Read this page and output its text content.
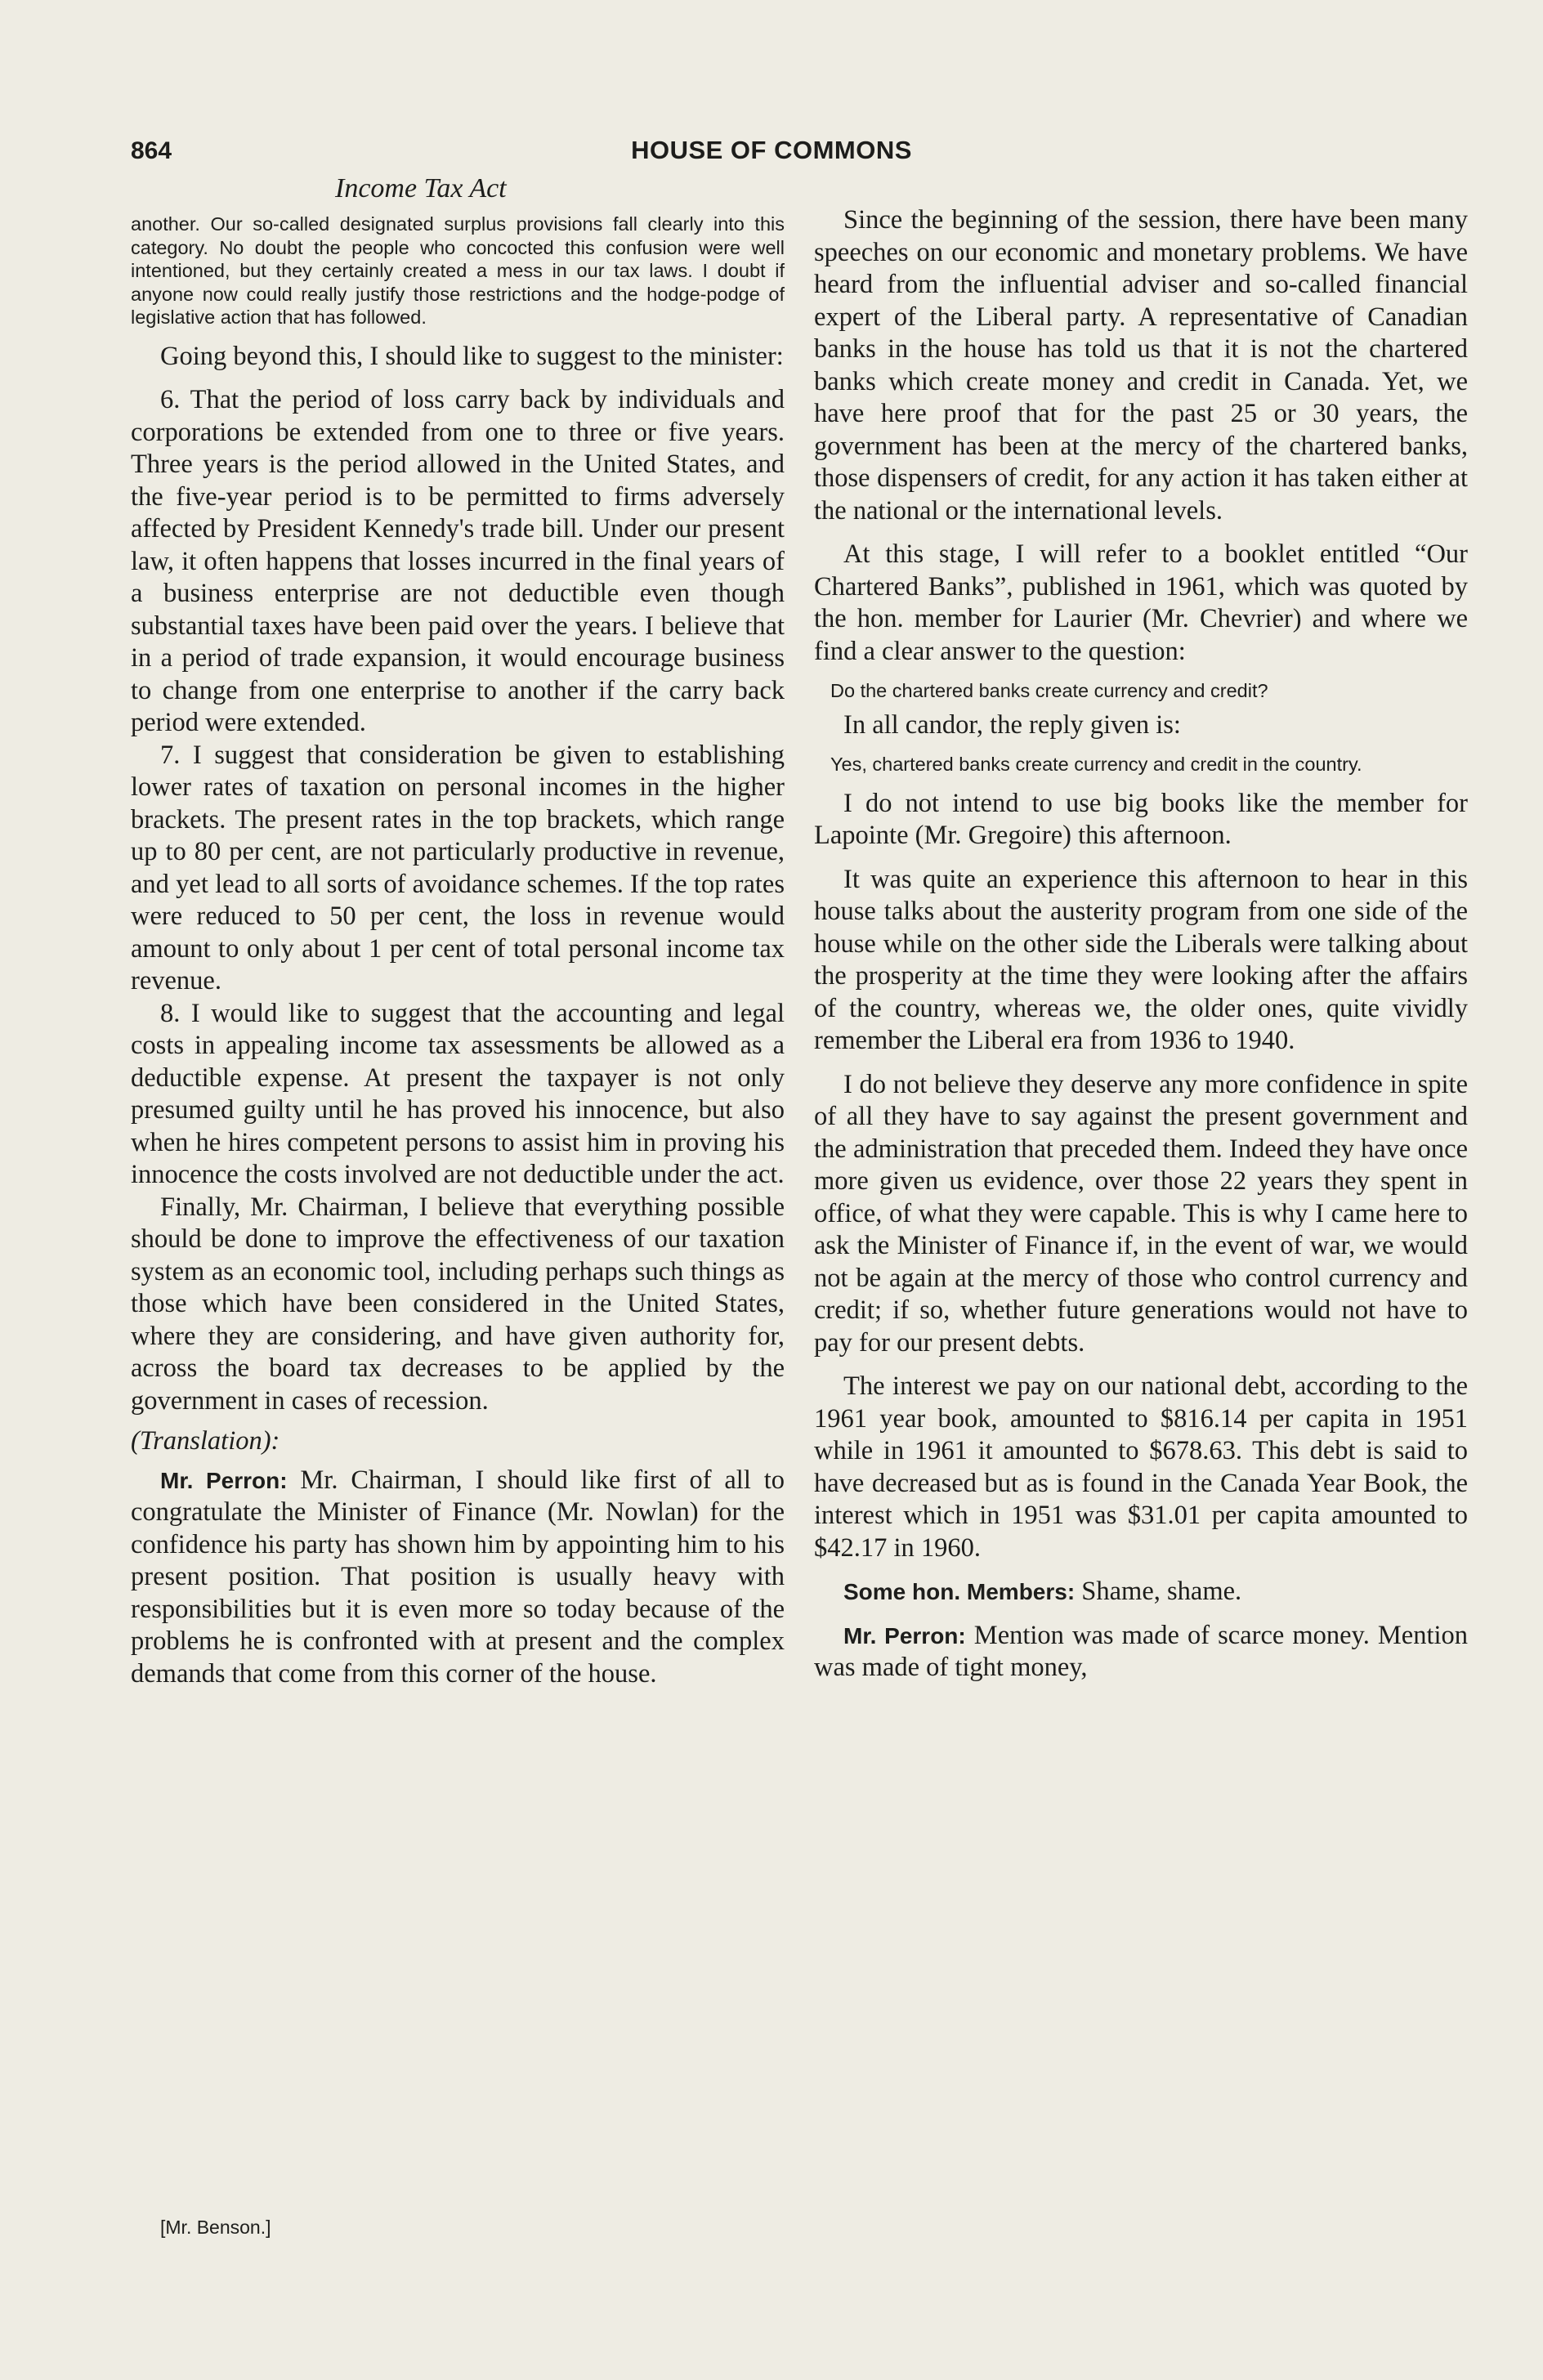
864	HOUSE OF COMMONS
Income Tax Act

another. Our so-called designated surplus provisions fall clearly into this category. No doubt the people who concocted this confusion were well intentioned, but they certainly created a mess in our tax laws. I doubt if anyone now could really justify those restrictions and the hodge-podge of legislative action that has followed.

Going beyond this, I should like to suggest to the minister:

6. That the period of loss carry back by individuals and corporations be extended from one to three or five years. Three years is the period allowed in the United States, and the five-year period is to be permitted to firms adversely affected by President Kennedy's trade bill. Under our present law, it often happens that losses incurred in the final years of a business enterprise are not deductible even though substantial taxes have been paid over the years. I believe that in a period of trade expansion, it would encourage business to change from one enterprise to another if the carry back period were extended.

7. I suggest that consideration be given to establishing lower rates of taxation on personal incomes in the higher brackets. The present rates in the top brackets, which range up to 80 per cent, are not particularly productive in revenue, and yet lead to all sorts of avoidance schemes. If the top rates were reduced to 50 per cent, the loss in revenue would amount to only about 1 per cent of total personal income tax revenue.

8. I would like to suggest that the accounting and legal costs in appealing income tax assessments be allowed as a deductible expense. At present the taxpayer is not only presumed guilty until he has proved his innocence, but also when he hires competent persons to assist him in proving his innocence the costs involved are not deductible under the act.

Finally, Mr. Chairman, I believe that everything possible should be done to improve the effectiveness of our taxation system as an economic tool, including perhaps such things as those which have been considered in the United States, where they are considering, and have given authority for, across the board tax decreases to be applied by the government in cases of recession.

(Translation):

Mr. Perron: Mr. Chairman, I should like first of all to congratulate the Minister of Finance (Mr. Nowlan) for the confidence his party has shown him by appointing him to his present position. That position is usually heavy with responsibilities but it is even more so today because of the problems he is confronted with at present and the complex demands that come from this corner of the house.

Since the beginning of the session, there have been many speeches on our economic and monetary problems. We have heard from the influential adviser and so-called financial expert of the Liberal party. A representative of Canadian banks in the house has told us that it is not the chartered banks which create money and credit in Canada. Yet, we have here proof that for the past 25 or 30 years, the government has been at the mercy of the chartered banks, those dispensers of credit, for any action it has taken either at the national or the international levels.

At this stage, I will refer to a booklet entitled “Our Chartered Banks”, published in 1961, which was quoted by the hon. member for Laurier (Mr. Chevrier) and where we find a clear answer to the question:

Do the chartered banks create currency and credit?

In all candor, the reply given is:

Yes, chartered banks create currency and credit in the country.

I do not intend to use big books like the member for Lapointe (Mr. Gregoire) this afternoon.

It was quite an experience this afternoon to hear in this house talks about the austerity program from one side of the house while on the other side the Liberals were talking about the prosperity at the time they were looking after the affairs of the country, whereas we, the older ones, quite vividly remember the Liberal era from 1936 to 1940.

I do not believe they deserve any more confidence in spite of all they have to say against the present government and the administration that preceded them. Indeed they have once more given us evidence, over those 22 years they spent in office, of what they were capable. This is why I came here to ask the Minister of Finance if, in the event of war, we would not be again at the mercy of those who control currency and credit; if so, whether future generations would not have to pay for our present debts.

The interest we pay on our national debt, according to the 1961 year book, amounted to $816.14 per capita in 1951 while in 1961 it amounted to $678.63. This debt is said to have decreased but as is found in the Canada Year Book, the interest which in 1951 was $31.01 per capita amounted to $42.17 in 1960.

Some hon. Members: Shame, shame.

Mr. Perron: Mention was made of scarce money. Mention was made of tight money,

[Mr. Benson.]
